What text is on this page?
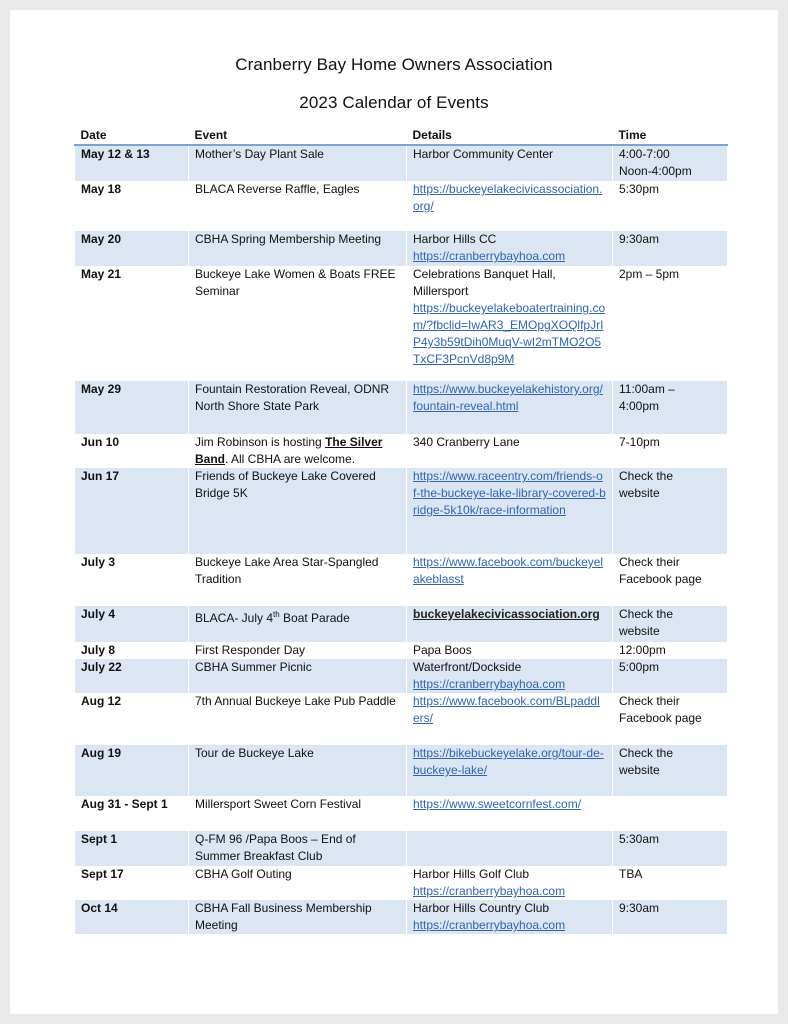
Cranberry Bay Home Owners Association
2023 Calendar of Events
Date	Event	Details	Time
May 12 & 13	Mother’s Day Plant Sale	Harbor Community Center	4:00-7:00
Noon-4:00pm

May 18	BLACA Reverse Raffle, Eagles	https://buckeyelakecivicassociation.org/	5:30pm

May 20	CBHA Spring Membership Meeting	Harbor Hills CC
https://cranberrybayhoa.com	9:30am

May 21	Buckeye Lake Women & Boats FREE Seminar	Celebrations Banquet Hall, Millersport
https://buckeyelakeboatertraining.com/?fbclid=IwAR3_EMOpgXOQlfpJrIP4y3b59tDih0MuqV-wI2mTMO2O5TxCF3PcnVd8p9M	2pm – 5pm

May 29	Fountain Restoration Reveal, ODNR North Shore State Park	https://www.buckeyelakehistory.org/fountain-reveal.html	11:00am –
4:00pm

Jun 10	Jim Robinson is hosting The Silver Band. All CBHA are welcome.	340 Cranberry Lane	7-10pm

Jun 17	Friends of Buckeye Lake Covered Bridge 5K	https://www.raceentry.com/friends-of-the-buckeye-lake-library-covered-bridge-5k10k/race-information	Check the
website

July 3	Buckeye Lake Area Star-Spangled Tradition	https://www.facebook.com/buckeyelakeblasst	Check their
Facebook page

July 4	BLACA- July 4th Boat Parade	buckeyelakecivicassociation.org	Check the
website

July 8	First Responder Day	Papa Boos	12:00pm

July 22	CBHA Summer Picnic	Waterfront/Dockside
https://cranberrybayhoa.com	5:00pm

Aug 12	7th Annual Buckeye Lake Pub Paddle	https://www.facebook.com/BLpaddlers/	Check their
Facebook page

Aug 19	Tour de Buckeye Lake	https://bikebuckeyelake.org/tour-de-buckeye-lake/	Check the
website

Aug 31 - Sept 1	Millersport Sweet Corn Festival	https://www.sweetcornfest.com/	

Sept 1	Q-FM 96 /Papa Boos – End of Summer Breakfast Club		5:30am

Sept 17	CBHA Golf Outing	Harbor Hills Golf Club
https://cranberrybayhoa.com	TBA

Oct 14	CBHA Fall Business Membership Meeting	Harbor Hills Country Club
https://cranberrybayhoa.com	9:30am
